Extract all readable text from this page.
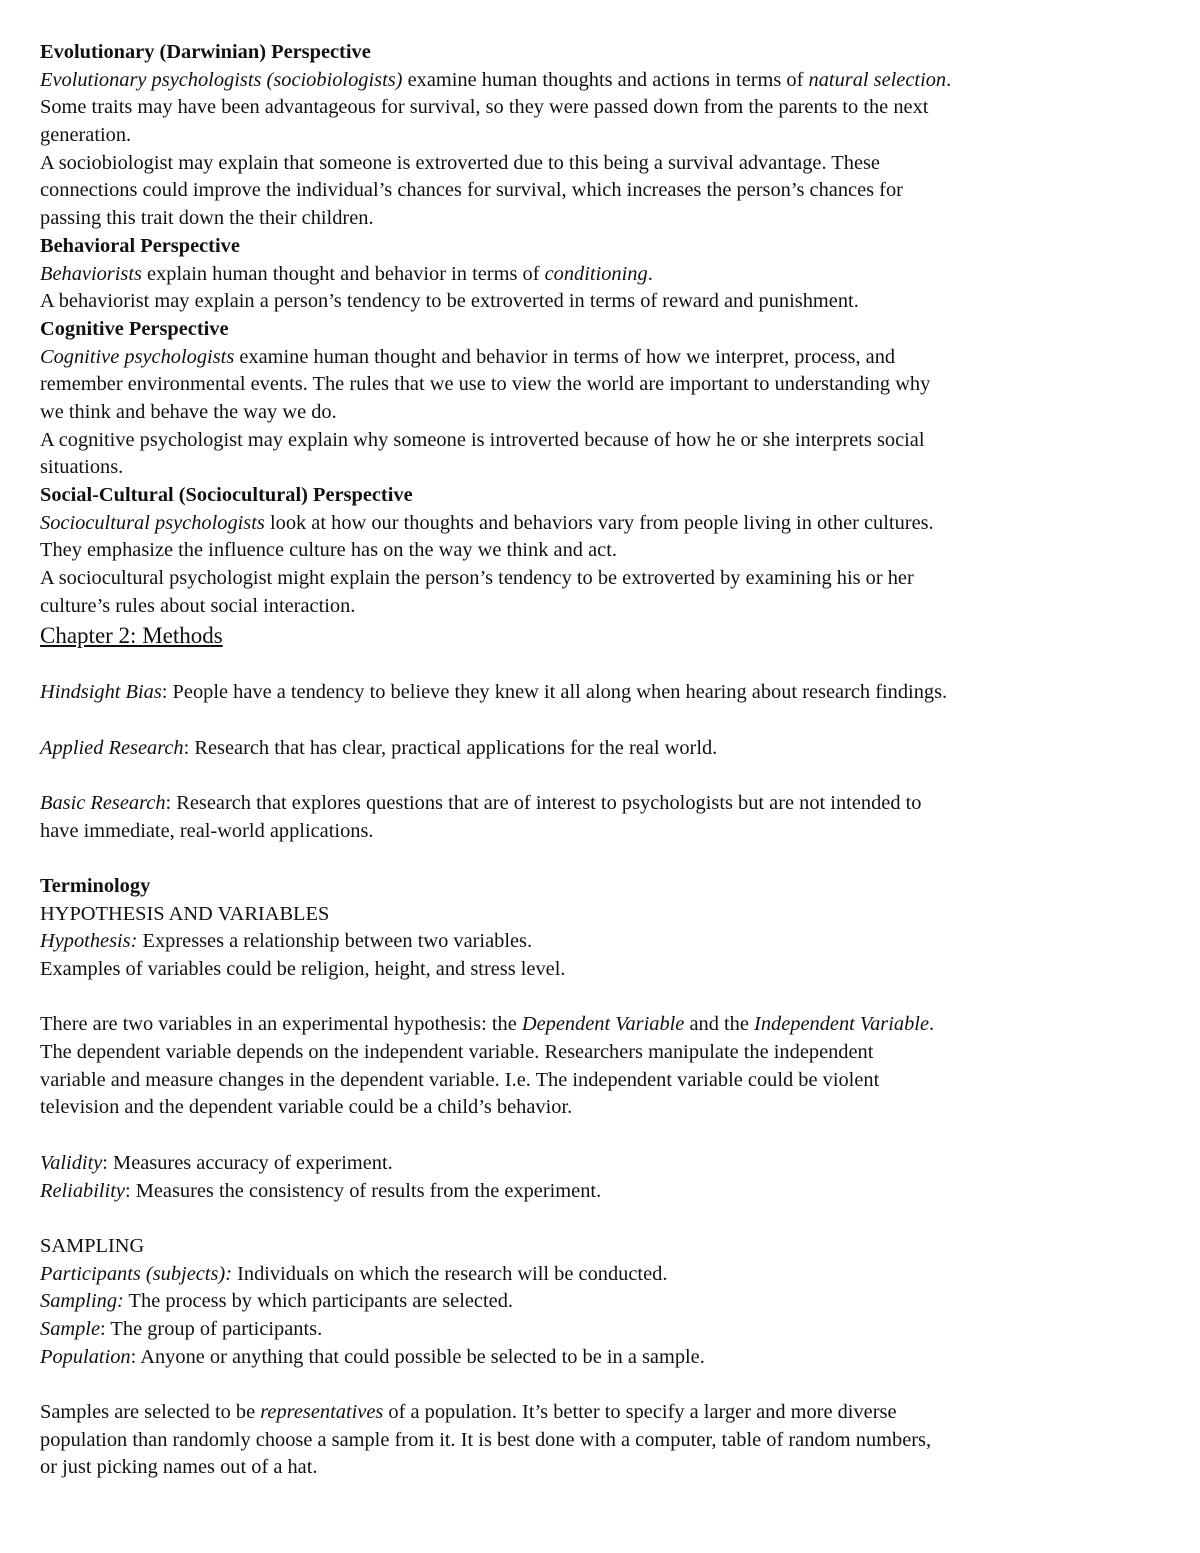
Evolutionary (Darwinian) Perspective
Evolutionary psychologists (sociobiologists) examine human thoughts and actions in terms of natural selection.
Some traits may have been advantageous for survival, so they were passed down from the parents to the next
generation.
A sociobiologist may explain that someone is extroverted due to this being a survival advantage. These
connections could improve the individual’s chances for survival, which increases the person’s chances for
passing this trait down the their children.
Behavioral Perspective
Behaviorists explain human thought and behavior in terms of conditioning.
A behaviorist may explain a person’s tendency to be extroverted in terms of reward and punishment.
Cognitive Perspective
Cognitive psychologists examine human thought and behavior in terms of how we interpret, process, and
remember environmental events. The rules that we use to view the world are important to understanding why
we think and behave the way we do.
A cognitive psychologist may explain why someone is introverted because of how he or she interprets social
situations.
Social-Cultural (Sociocultural) Perspective
Sociocultural psychologists look at how our thoughts and behaviors vary from people living in other cultures.
They emphasize the influence culture has on the way we think and act.
A sociocultural psychologist might explain the person’s tendency to be extroverted by examining his or her
culture’s rules about social interaction.
Chapter 2: Methods
Hindsight Bias: People have a tendency to believe they knew it all along when hearing about research findings.
Applied Research: Research that has clear, practical applications for the real world.
Basic Research: Research that explores questions that are of interest to psychologists but are not intended to
have immediate, real-world applications.
Terminology
HYPOTHESIS AND VARIABLES
Hypothesis: Expresses a relationship between two variables.
Examples of variables could be religion, height, and stress level.
There are two variables in an experimental hypothesis: the Dependent Variable and the Independent Variable.
The dependent variable depends on the independent variable. Researchers manipulate the independent
variable and measure changes in the dependent variable. I.e. The independent variable could be violent
television and the dependent variable could be a child’s behavior.
Validity: Measures accuracy of experiment.
Reliability: Measures the consistency of results from the experiment.
SAMPLING
Participants (subjects): Individuals on which the research will be conducted.
Sampling: The process by which participants are selected.
Sample: The group of participants.
Population: Anyone or anything that could possible be selected to be in a sample.
Samples are selected to be representatives of a population. It’s better to specify a larger and more diverse
population than randomly choose a sample from it. It is best done with a computer, table of random numbers,
or just picking names out of a hat.
